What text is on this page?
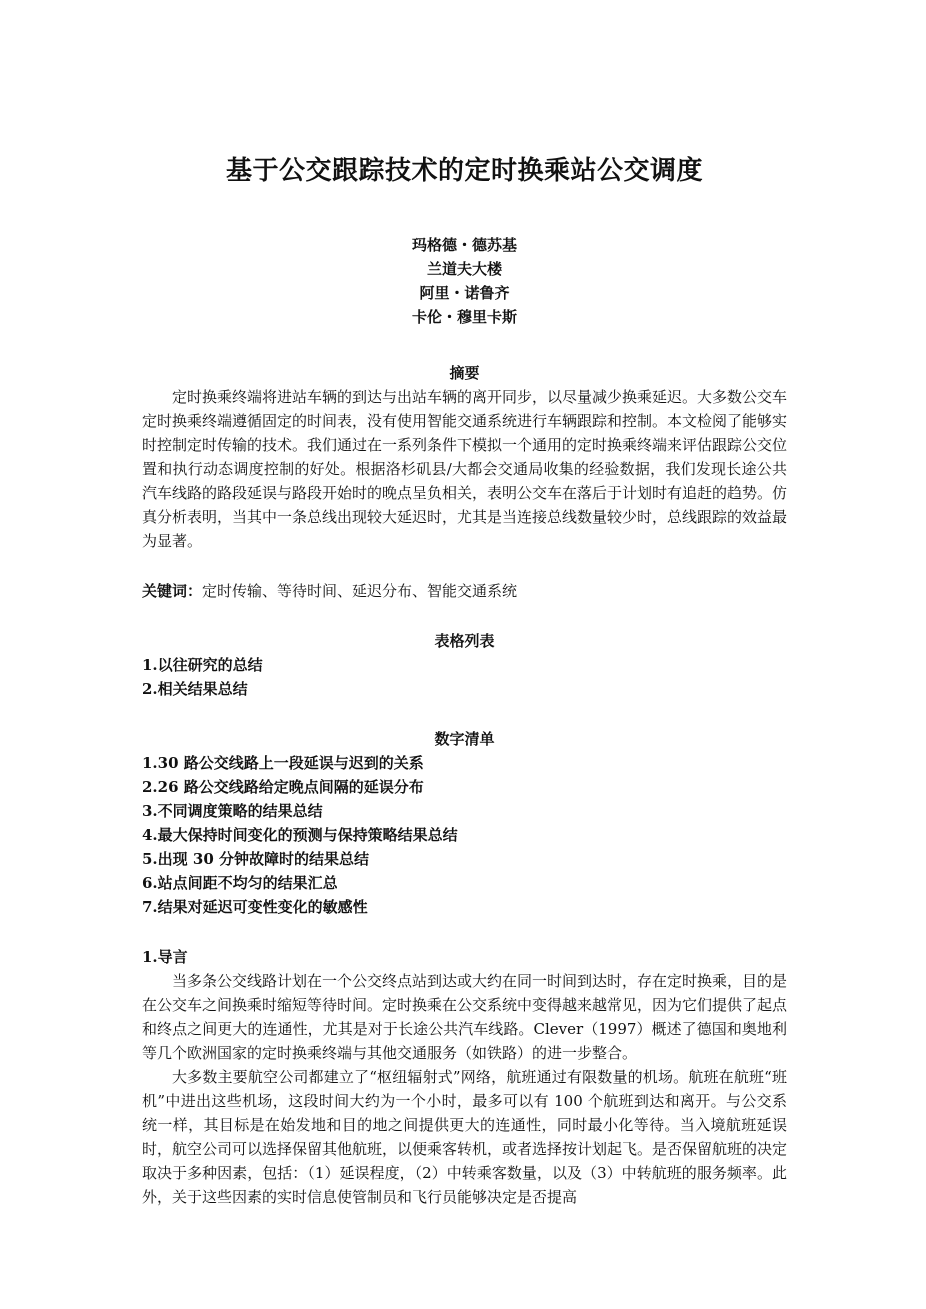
基于公交跟踪技术的定时换乘站公交调度
玛格德・德苏基
兰道夫大楼
阿里・诺鲁齐
卡伦・穆里卡斯
摘要

定时换乘终端将进站车辆的到达与出站车辆的离开同步，以尽量减少换乘延迟。大多数公交车定时换乘终端遵循固定的时间表，没有使用智能交通系统进行车辆跟踪和控制。本文检阅了能够实时控制定时传输的技术。我们通过在一系列条件下模拟一个通用的定时换乘终端来评估跟踪公交位置和执行动态调度控制的好处。根据洛杉矶县/大都会交通局收集的经验数据，我们发现长途公共汽车线路的路段延误与路段开始时的晚点呈负相关，表明公交车在落后于计划时有追赶的趋势。仿真分析表明，当其中一条总线出现较大延迟时，尤其是当连接总线数量较少时，总线跟踪的效益最为显著。

关键词：定时传输、等待时间、延迟分布、智能交通系统
表格列表
1.以往研究的总结
2.相关结果总结
数字清单
1.30 路公交线路上一段延误与迟到的关系
2.26 路公交线路给定晚点间隔的延误分布
3.不同调度策略的结果总结
4.最大保持时间变化的预测与保持策略结果总结
5.出现 30 分钟故障时的结果总结
6.站点间距不均匀的结果汇总
7.结果对延迟可变性变化的敏感性
1.导言

当多条公交线路计划在一个公交终点站到达或大约在同一时间到达时，存在定时换乘，目的是在公交车之间换乘时缩短等待时间。定时换乘在公交系统中变得越来越常见，因为它们提供了起点和终点之间更大的连通性，尤其是对于长途公共汽车线路。Clever（1997）概述了德国和奥地利等几个欧洲国家的定时换乘终端与其他交通服务（如铁路）的进一步整合。

大多数主要航空公司都建立了“枢纽辐射式”网络，航班通过有限数量的机场。航班在航班“班机”中进出这些机场，这段时间大约为一个小时，最多可以有 100 个航班到达和离开。与公交系统一样，其目标是在始发地和目的地之间提供更大的连通性，同时最小化等待。当入境航班延误时，航空公司可以选择保留其他航班，以便乘客转机，或者选择按计划起飞。是否保留航班的决定取决于多种因素，包括：（1）延误程度，（2）中转乘客数量，以及（3）中转航班的服务频率。此外，关于这些因素的实时信息使管制员和飞行员能够决定是否提高
